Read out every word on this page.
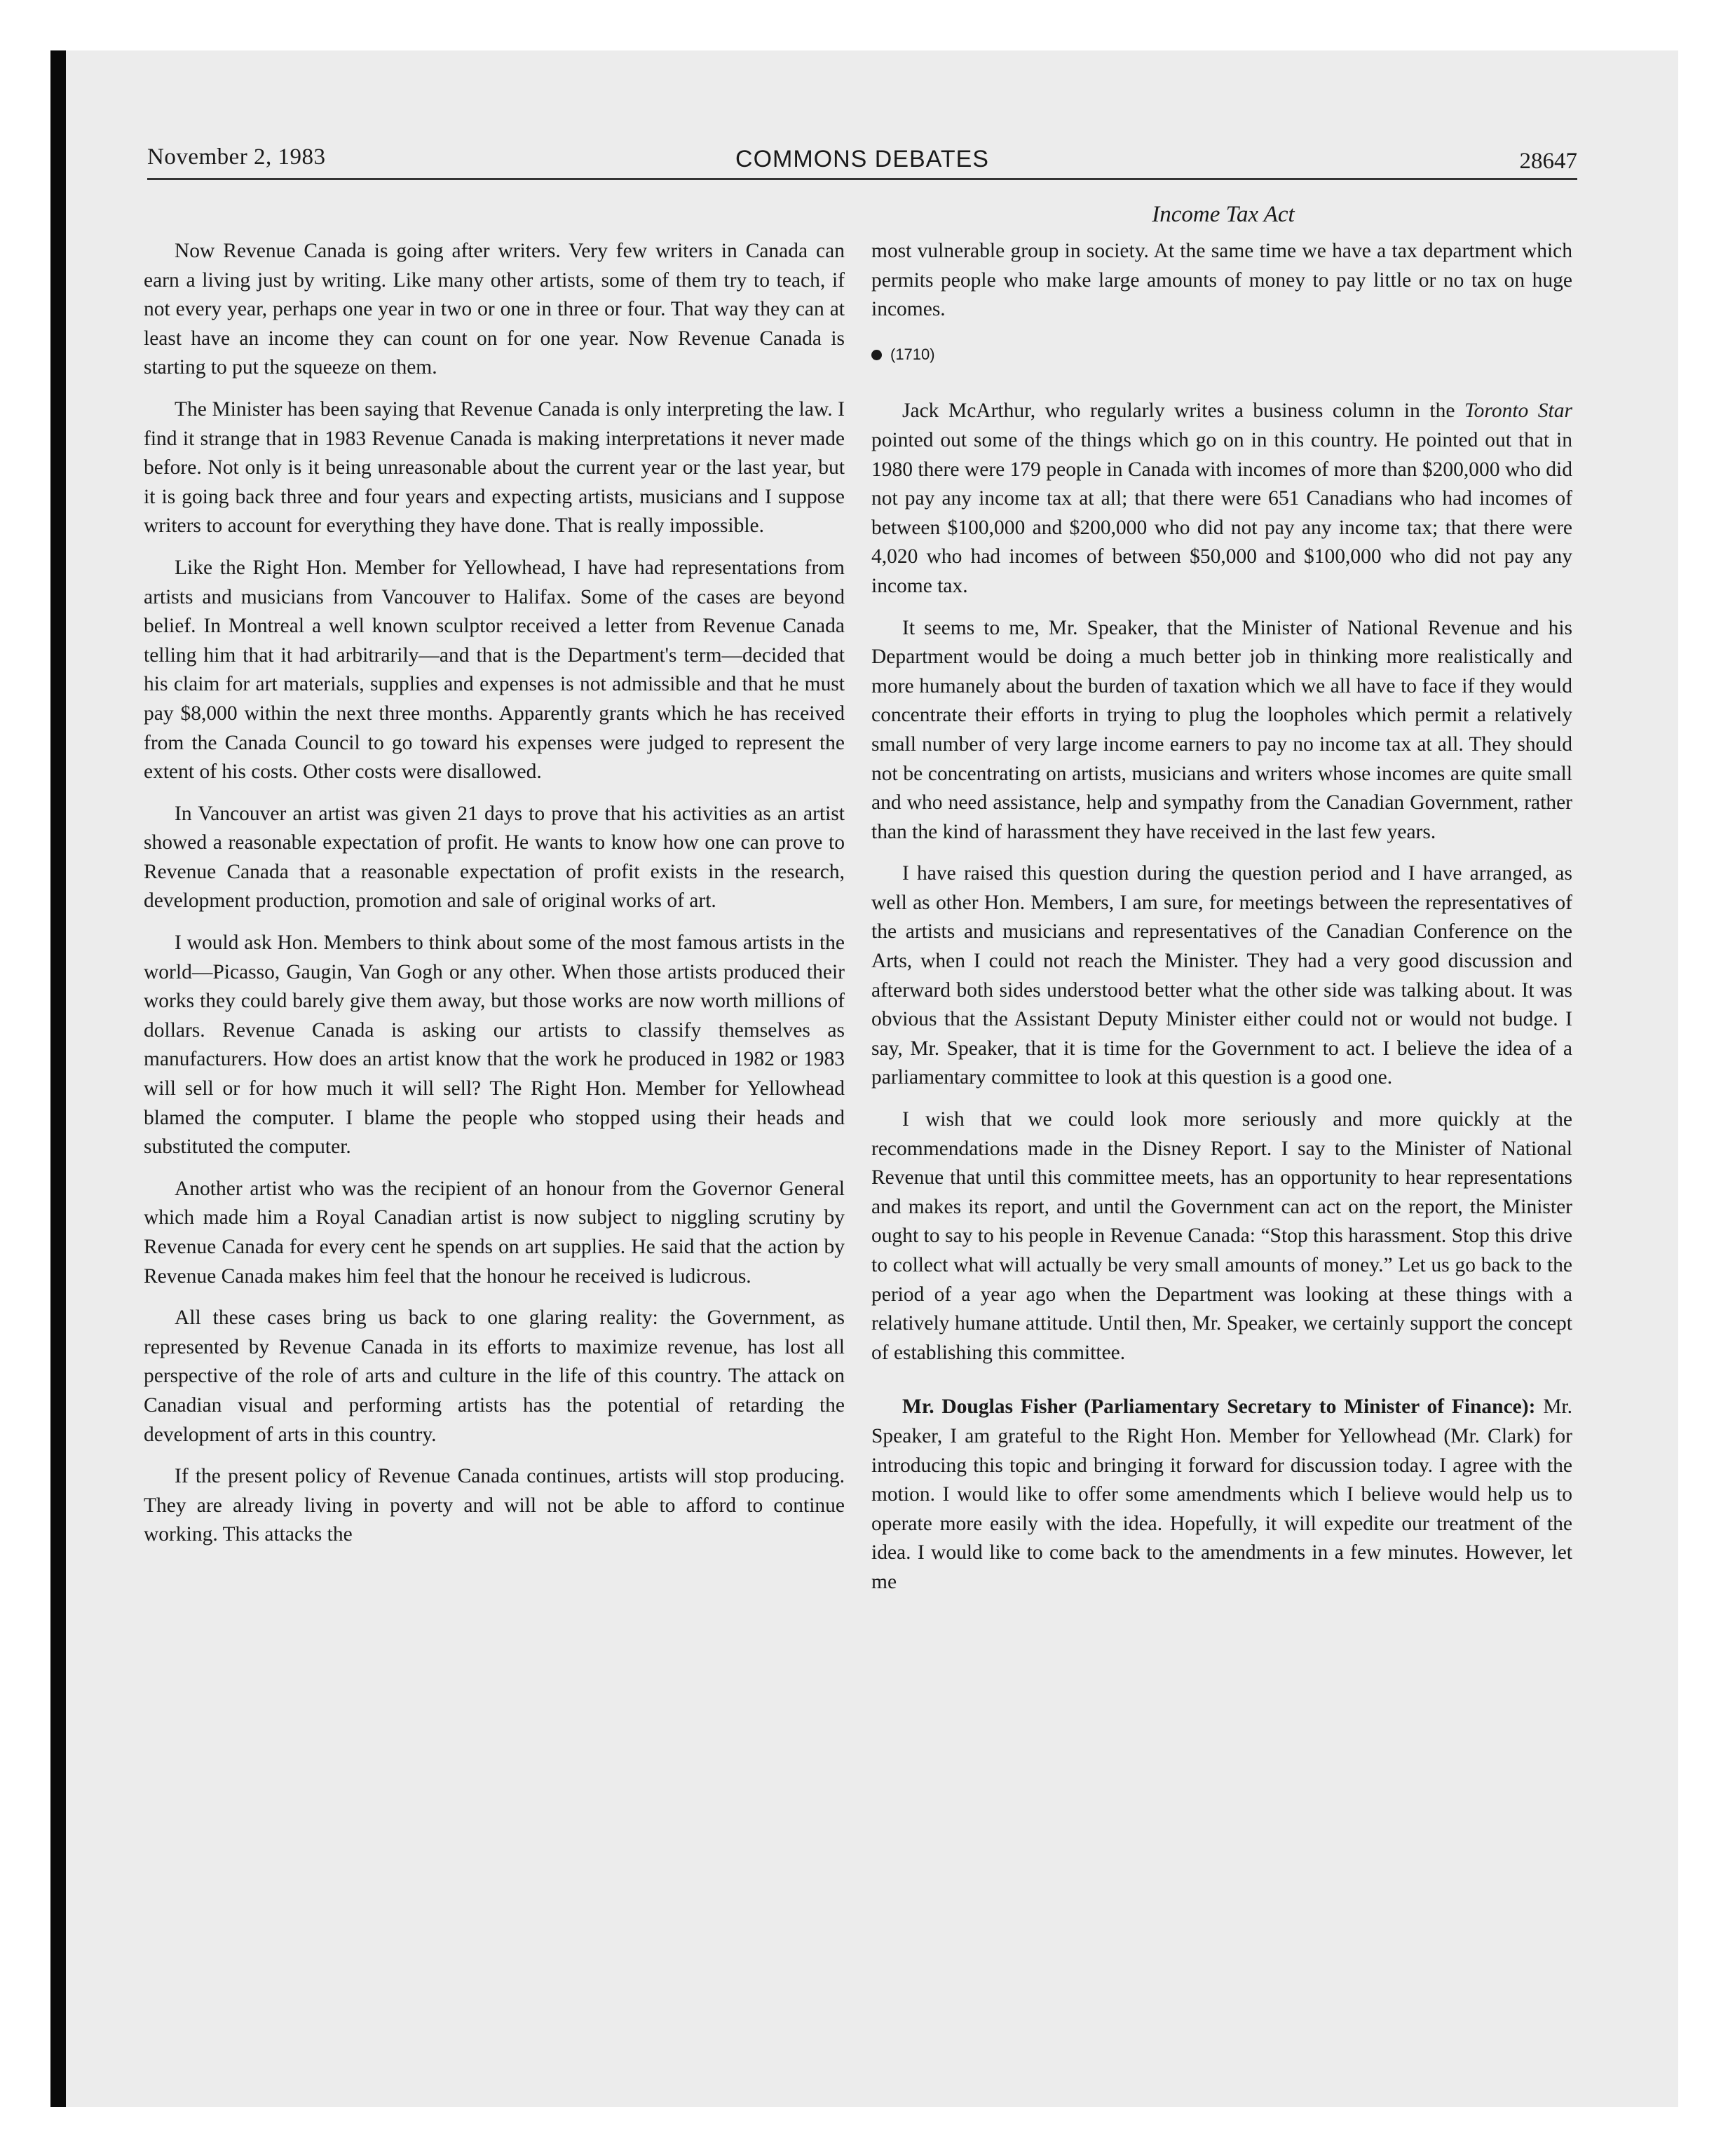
November 2, 1983	COMMONS DEBATES	28647
Income Tax Act

Now Revenue Canada is going after writers. Very few writers in Canada can earn a living just by writing. Like many other artists, some of them try to teach, if not every year, perhaps one year in two or one in three or four. That way they can at least have an income they can count on for one year. Now Revenue Canada is starting to put the squeeze on them.

The Minister has been saying that Revenue Canada is only interpreting the law. I find it strange that in 1983 Revenue Canada is making interpretations it never made before. Not only is it being unreasonable about the current year or the last year, but it is going back three and four years and expecting artists, musicians and I suppose writers to account for everything they have done. That is really impossible.

Like the Right Hon. Member for Yellowhead, I have had representations from artists and musicians from Vancouver to Halifax. Some of the cases are beyond belief. In Montreal a well known sculptor received a letter from Revenue Canada telling him that it had arbitrarily—and that is the Department's term—decided that his claim for art materials, supplies and expenses is not admissible and that he must pay $8,000 within the next three months. Apparently grants which he has received from the Canada Council to go toward his expenses were judged to represent the extent of his costs. Other costs were disallowed.

In Vancouver an artist was given 21 days to prove that his activities as an artist showed a reasonable expectation of profit. He wants to know how one can prove to Revenue Canada that a reasonable expectation of profit exists in the research, development production, promotion and sale of original works of art.

I would ask Hon. Members to think about some of the most famous artists in the world—Picasso, Gaugin, Van Gogh or any other. When those artists produced their works they could barely give them away, but those works are now worth millions of dollars. Revenue Canada is asking our artists to classify themselves as manufacturers. How does an artist know that the work he produced in 1982 or 1983 will sell or for how much it will sell? The Right Hon. Member for Yellowhead blamed the computer. I blame the people who stopped using their heads and substituted the computer.

Another artist who was the recipient of an honour from the Governor General which made him a Royal Canadian artist is now subject to niggling scrutiny by Revenue Canada for every cent he spends on art supplies. He said that the action by Revenue Canada makes him feel that the honour he received is ludicrous.

All these cases bring us back to one glaring reality: the Government, as represented by Revenue Canada in its efforts to maximize revenue, has lost all perspective of the role of arts and culture in the life of this country. The attack on Canadian visual and performing artists has the potential of retarding the development of arts in this country.

If the present policy of Revenue Canada continues, artists will stop producing. They are already living in poverty and will not be able to afford to continue working. This attacks the

most vulnerable group in society. At the same time we have a tax department which permits people who make large amounts of money to pay little or no tax on huge incomes.

(1710)

Jack McArthur, who regularly writes a business column in the Toronto Star pointed out some of the things which go on in this country. He pointed out that in 1980 there were 179 people in Canada with incomes of more than $200,000 who did not pay any income tax at all; that there were 651 Canadians who had incomes of between $100,000 and $200,000 who did not pay any income tax; that there were 4,020 who had incomes of between $50,000 and $100,000 who did not pay any income tax.

It seems to me, Mr. Speaker, that the Minister of National Revenue and his Department would be doing a much better job in thinking more realistically and more humanely about the burden of taxation which we all have to face if they would concentrate their efforts in trying to plug the loopholes which permit a relatively small number of very large income earners to pay no income tax at all. They should not be concentrating on artists, musicians and writers whose incomes are quite small and who need assistance, help and sympathy from the Canadian Government, rather than the kind of harassment they have received in the last few years.

I have raised this question during the question period and I have arranged, as well as other Hon. Members, I am sure, for meetings between the representatives of the artists and musicians and representatives of the Canadian Conference on the Arts, when I could not reach the Minister. They had a very good discussion and afterward both sides understood better what the other side was talking about. It was obvious that the Assistant Deputy Minister either could not or would not budge. I say, Mr. Speaker, that it is time for the Government to act. I believe the idea of a parliamentary committee to look at this question is a good one.

I wish that we could look more seriously and more quickly at the recommendations made in the Disney Report. I say to the Minister of National Revenue that until this committee meets, has an opportunity to hear representations and makes its report, and until the Government can act on the report, the Minister ought to say to his people in Revenue Canada: “Stop this harassment. Stop this drive to collect what will actually be very small amounts of money.” Let us go back to the period of a year ago when the Department was looking at these things with a relatively humane attitude. Until then, Mr. Speaker, we certainly support the concept of establishing this committee.

Mr. Douglas Fisher (Parliamentary Secretary to Minister of Finance): Mr. Speaker, I am grateful to the Right Hon. Member for Yellowhead (Mr. Clark) for introducing this topic and bringing it forward for discussion today. I agree with the motion. I would like to offer some amendments which I believe would help us to operate more easily with the idea. Hopefully, it will expedite our treatment of the idea. I would like to come back to the amendments in a few minutes. However, let me
